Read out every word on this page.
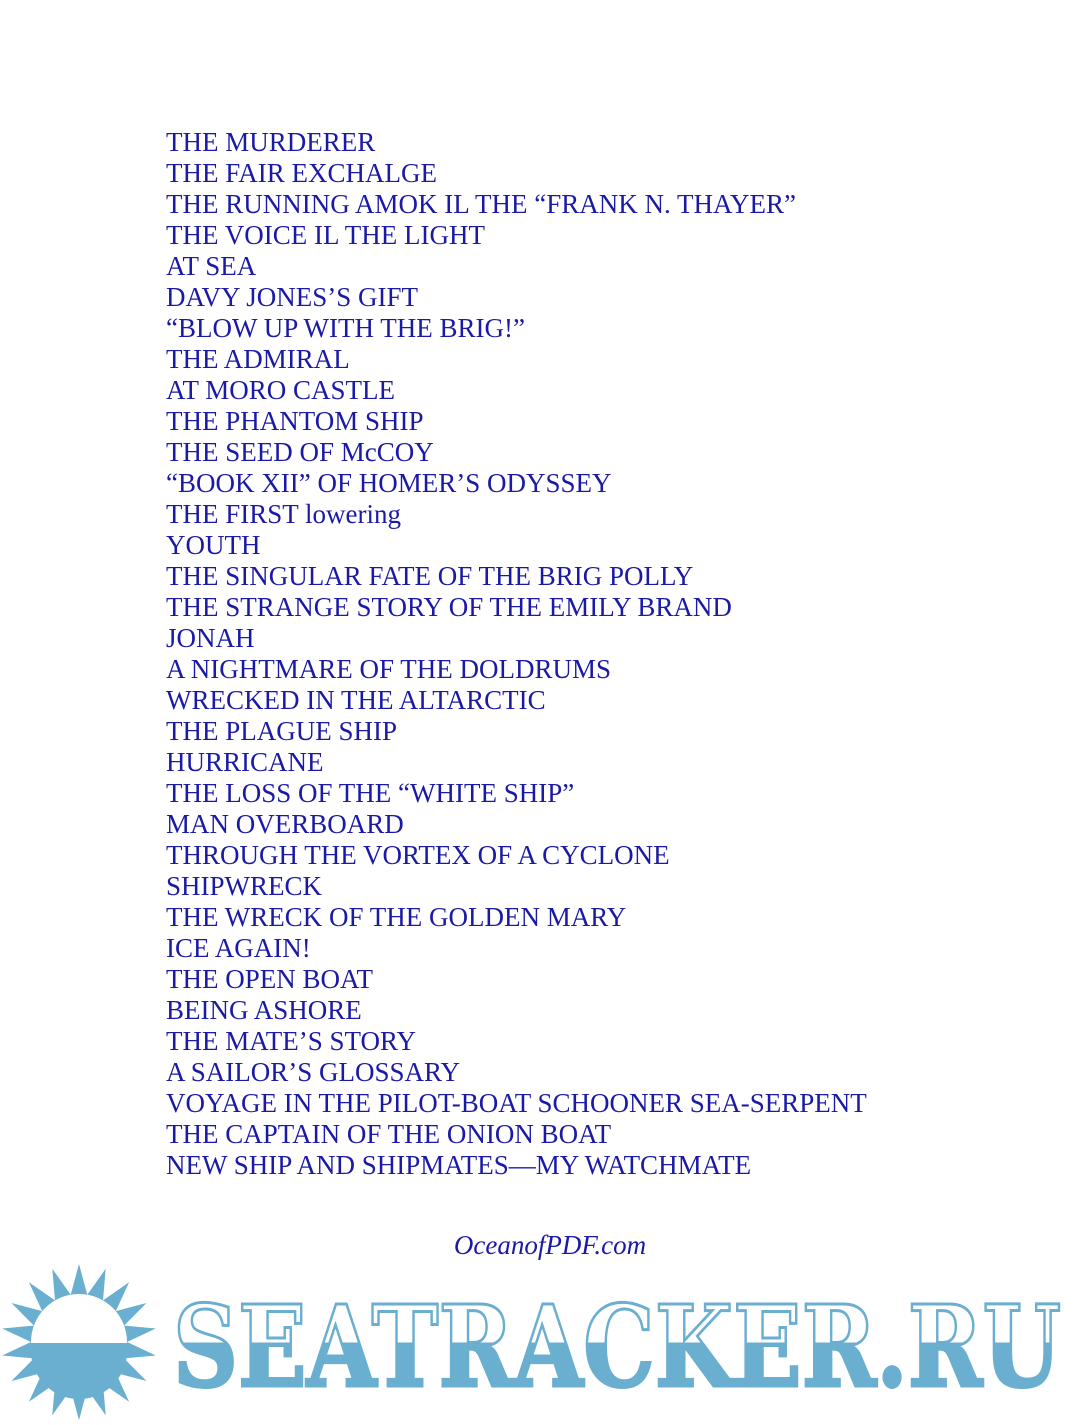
THE MURDERER
THE FAIR EXCHALGE
THE RUNNING AMOK IL THE “FRANK N. THAYER”
THE VOICE IL THE LIGHT
AT SEA
DAVY JONES’S GIFT
“BLOW UP WITH THE BRIG!”
THE ADMIRAL
AT MORO CASTLE
THE PHANTOM SHIP
THE SEED OF McCOY
“BOOK XII” OF HOMER’S ODYSSEY
THE FIRST lowering
YOUTH
THE SINGULAR FATE OF THE BRIG POLLY
THE STRANGE STORY OF THE EMILY BRAND
JONAH
A NIGHTMARE OF THE DOLDRUMS
WRECKED IN THE ALTARCTIC
THE PLAGUE SHIP
HURRICANE
THE LOSS OF THE “WHITE SHIP”
MAN OVERBOARD
THROUGH THE VORTEX OF A CYCLONE
SHIPWRECK
THE WRECK OF THE GOLDEN MARY
ICE AGAIN!
THE OPEN BOAT
BEING ASHORE
THE MATE’S STORY
A SAILOR’S GLOSSARY
VOYAGE IN THE PILOT-BOAT SCHOONER SEA-SERPENT
THE CAPTAIN OF THE ONION BOAT
NEW SHIP AND SHIPMATES—MY WATCHMATE
OceanofPDF.com
SEATRACKER.RU
